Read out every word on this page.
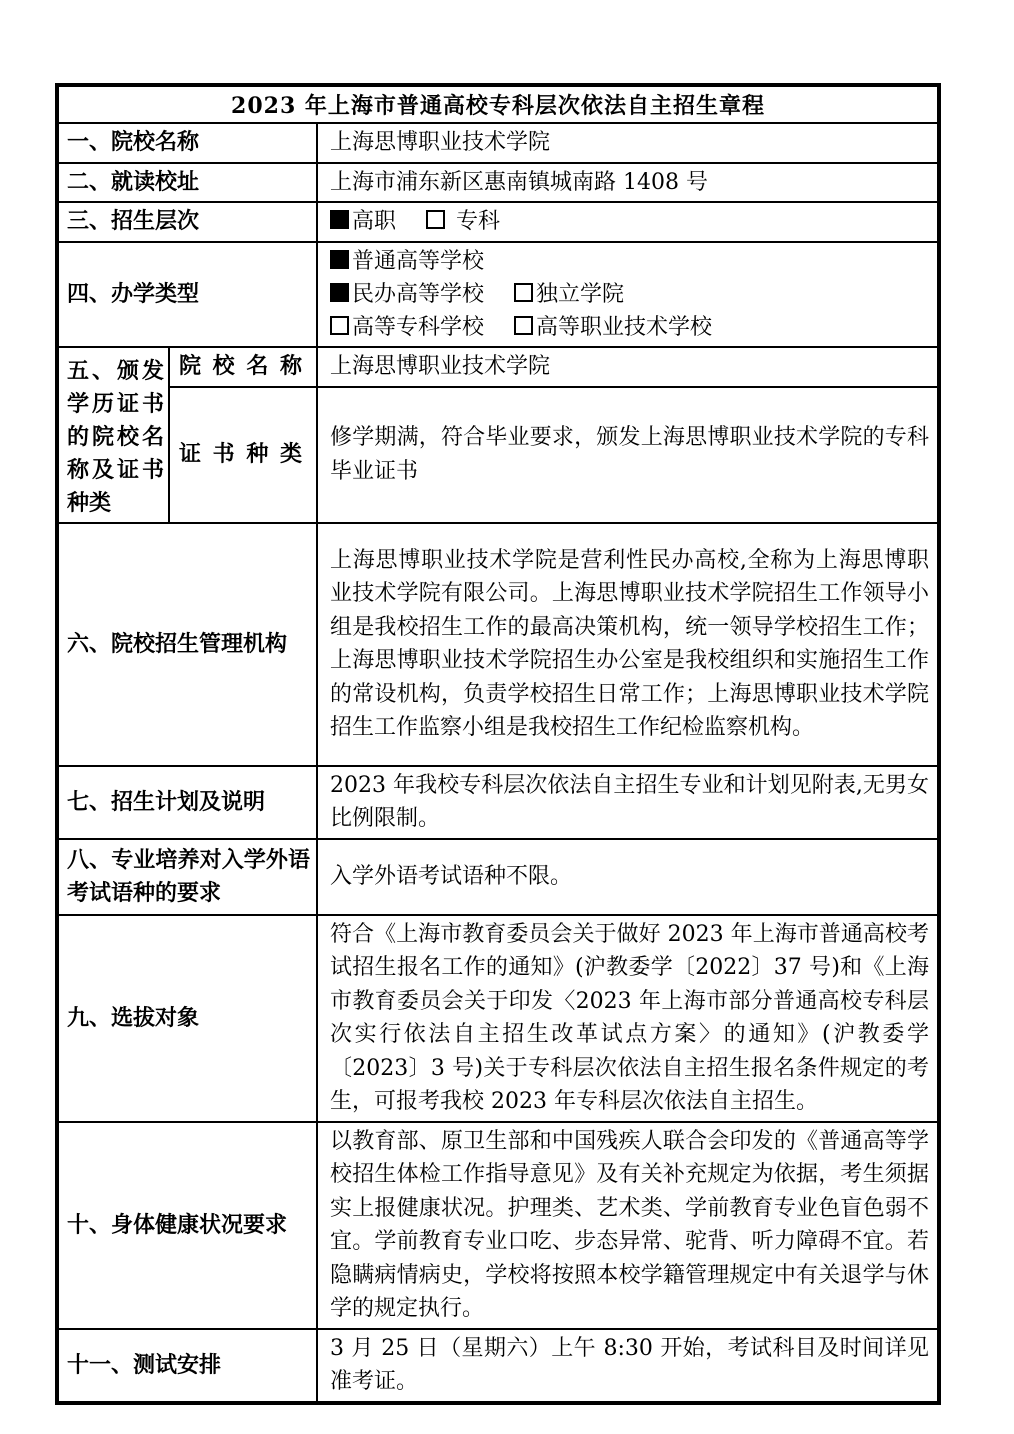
2023 年上海市普通高校专科层次依法自主招生章程		
一、院校名称		上海思博职业技术学院
二、就读校址		上海市浦东新区惠南镇城南路 1408 号
三、招生层次		高职 专科
四、办学类型		普通高等学校
民办高等学校 独立学院
高等专科学校 高等职业技术学校

五、颁发学历证书的院校名称及证书种类	院 校 名 称	上海思博职业技术学院
	证 书 种 类	修学期满，符合毕业要求，颁发上海思博职业技术学院的专科毕业证书
六、院校招生管理机构		上海思博职业技术学院是营利性民办高校,全称为上海思博职业技术学院有限公司。上海思博职业技术学院招生工作领导小组是我校招生工作的最高决策机构，统一领导学校招生工作；上海思博职业技术学院招生办公室是我校组织和实施招生工作的常设机构，负责学校招生日常工作；上海思博职业技术学院招生工作监察小组是我校招生工作纪检监察机构。
七、招生计划及说明		2023 年我校专科层次依法自主招生专业和计划见附表,无男女比例限制。
八、专业培养对入学外语考试语种的要求		入学外语考试语种不限。
九、选拔对象		符合《上海市教育委员会关于做好 2023 年上海市普通高校考试招生报名工作的通知》(沪教委学〔2022〕37 号)和《上海市教育委员会关于印发〈2023 年上海市部分普通高校专科层次实行依法自主招生改革试点方案〉的通知》(沪教委学〔2023〕3 号)关于专科层次依法自主招生报名条件规定的考生，可报考我校 2023 年专科层次依法自主招生。
十、身体健康状况要求		以教育部、原卫生部和中国残疾人联合会印发的《普通高等学校招生体检工作指导意见》及有关补充规定为依据，考生须据实上报健康状况。护理类、艺术类、学前教育专业色盲色弱不宜。学前教育专业口吃、步态异常、驼背、听力障碍不宜。若隐瞒病情病史，学校将按照本校学籍管理规定中有关退学与休学的规定执行。
十一、测试安排		3 月 25 日（星期六）上午 8:30 开始，考试科目及时间详见准考证。
